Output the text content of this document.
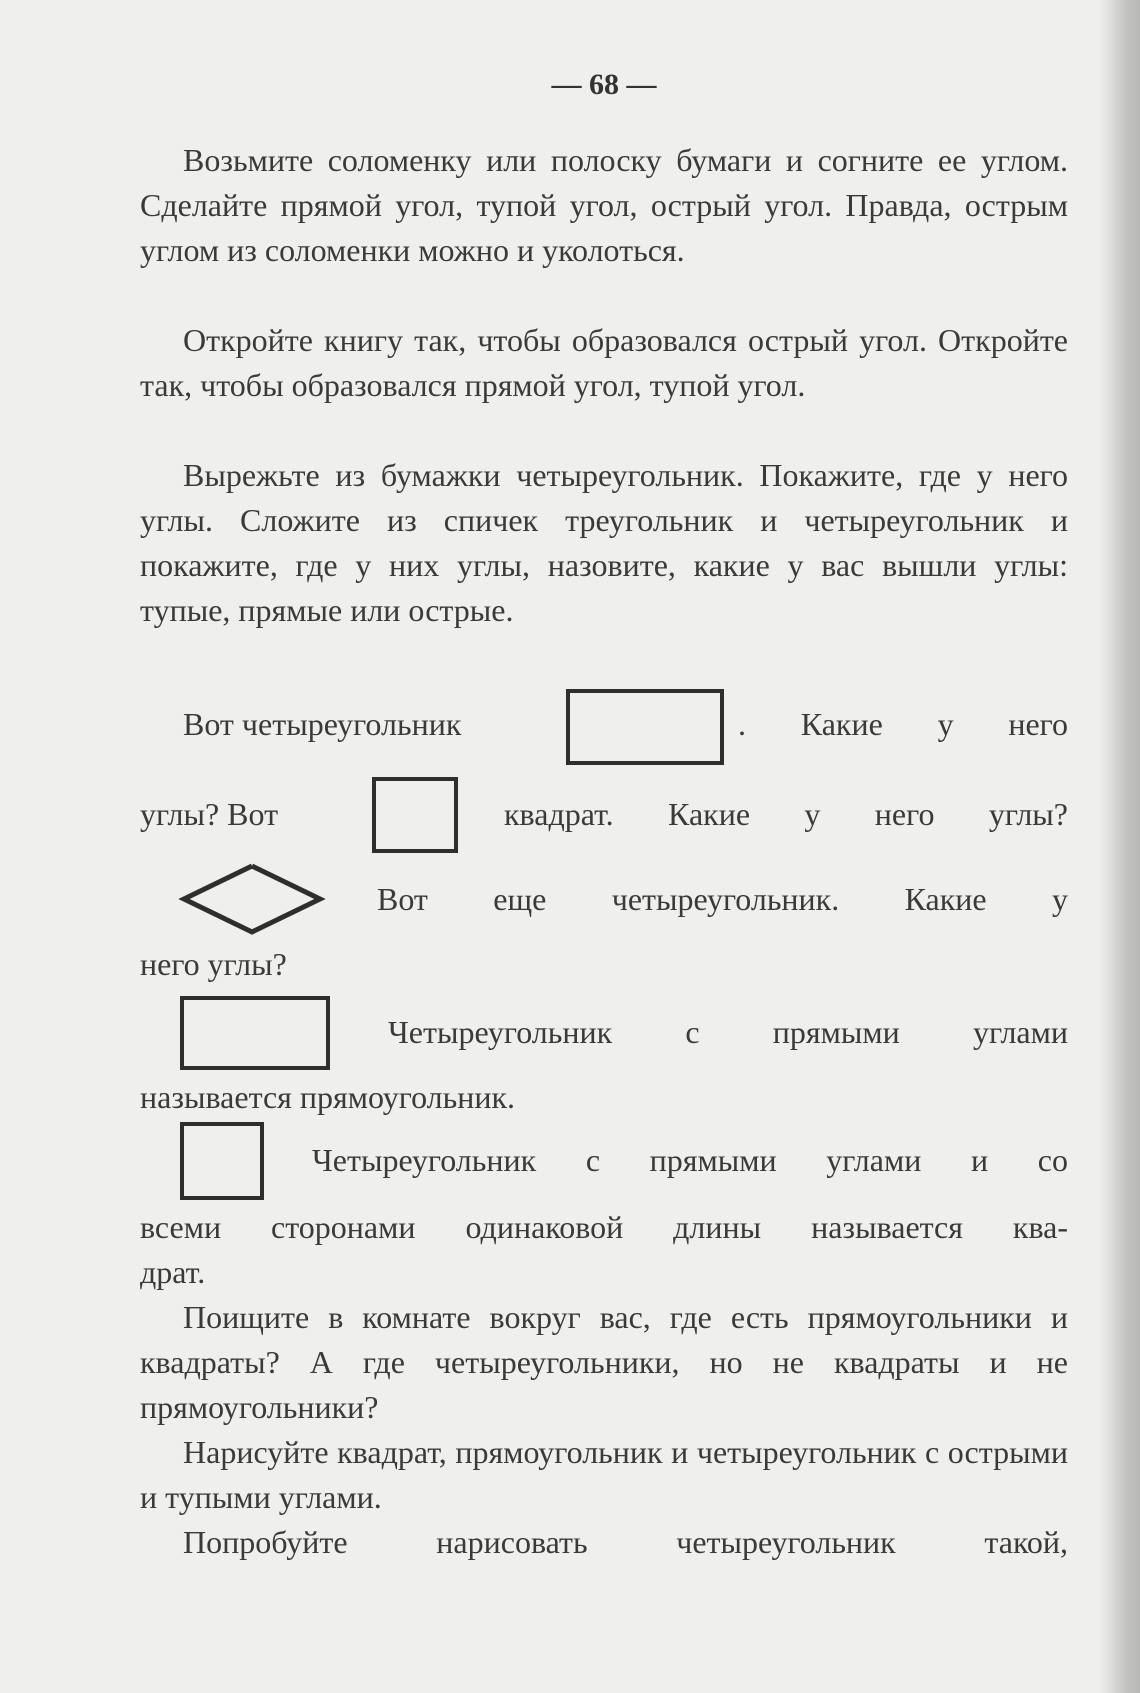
— 68 —

Возьмите соломенку или полоску бумаги и согните ее углом. Сделайте прямой угол, тупой угол, острый угол. Правда, острым углом из соломенки можно и уколоться.

Откройте книгу так, чтобы образовался острый угол. Откройте так, чтобы образовался прямой угол, тупой угол.

Вырежьте из бумажки четыреугольник. Покажите, где у него углы. Сложите из спичек треугольник и четыреугольник и покажите, где у них углы, назовите, какие у вас вышли углы: тупые, прямые или острые.

Вот четыреугольник	. Какие у него
углы? Вот	квадрат. Какие у него углы?
Вот еще четыреугольник. Какие у
него углы?
Четыреугольник с прямыми углами
называется прямоугольник.
Четыреугольник с прямыми углами и со
всеми сторонами одинаковой длины называется ква-
драт.

Поищите в комнате вокруг вас, где есть прямоугольники и квадраты? А где четыреугольники, но не квадраты и не прямоугольники?

Нарисуйте квадрат, прямоугольник и четыреугольник с острыми и тупыми углами.

Попробуйте нарисовать четыреугольник такой,
